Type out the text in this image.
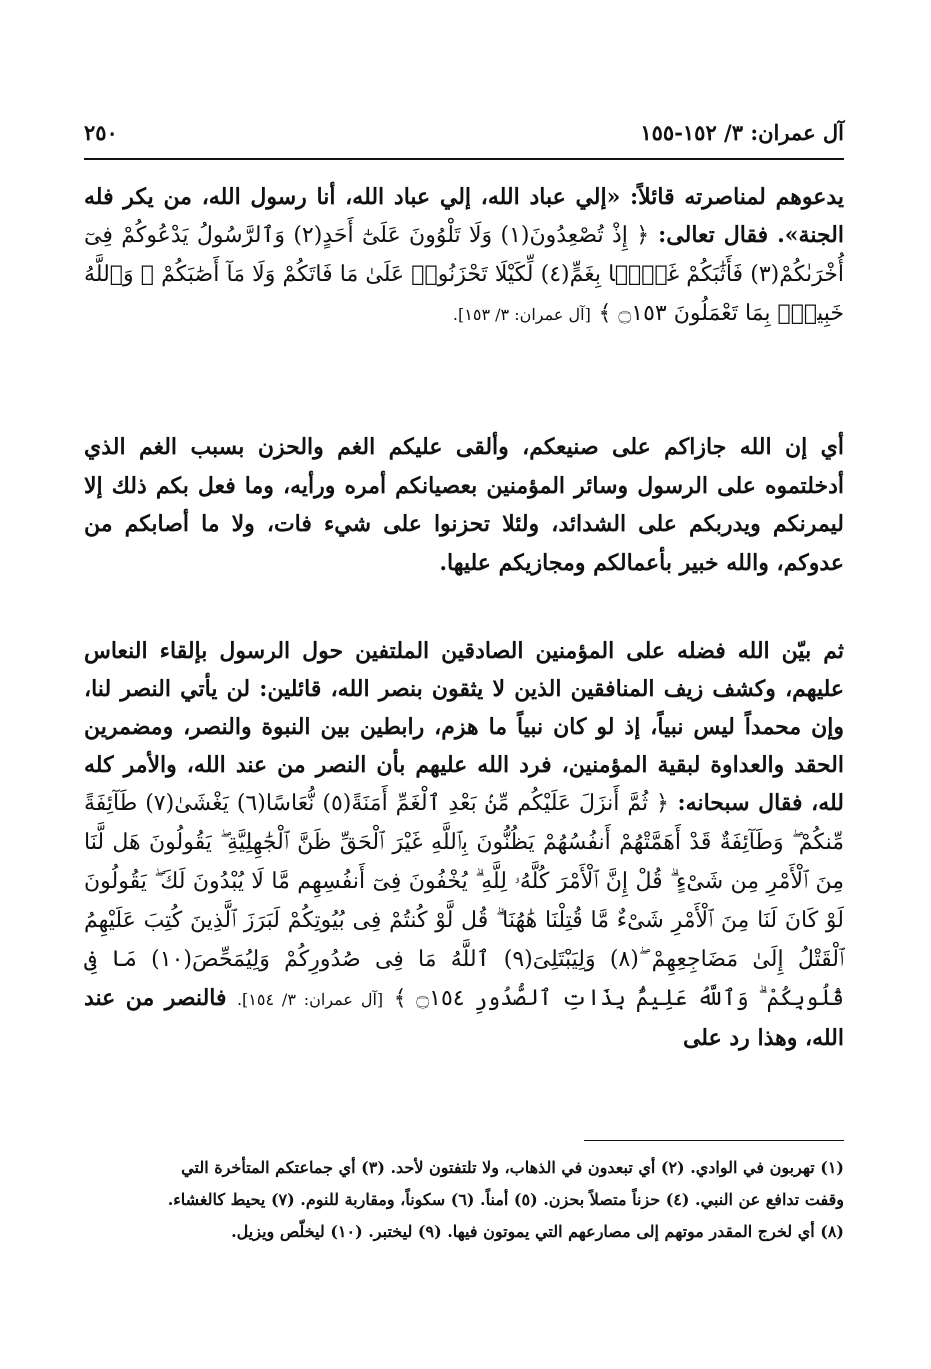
٢٥٠	آل عمران: ٣/ ١٥٢-١٥٥
يدعوهم لمناصرته قائلاً: «إلي عباد الله، إلي عباد الله، أنا رسول الله، من يكر فله الجنة». فقال تعالى: ﴿ إِذْ تُصْعِدُونَ(١) وَلَا تَلْوُونَ عَلَىٰٓ أَحَدٍ(٢) وَٱلرَّسُولُ يَدْعُوكُمْ فِىٓ أُخْرَىٰكُمْ(٣) فَأَثَٰبَكُمْ غَمًّۢا بِغَمٍّ(٤) لِّكَيْلَا تَحْزَنُوا۟ عَلَىٰ مَا فَاتَكُمْ وَلَا مَآ أَصَٰبَكُمْ ۗ وَٱللَّهُ خَبِيرٌۢ بِمَا تَعْمَلُونَ ۝١٥٣ ﴾ [آل عمران: ٣/ ١٥٣].
أي إن الله جازاكم على صنيعكم، وألقى عليكم الغم والحزن بسبب الغم الذي أدخلتموه على الرسول وسائر المؤمنين بعصيانكم أمره ورأيه، وما فعل بكم ذلك إلا ليمرنكم ويدربكم على الشدائد، ولئلا تحزنوا على شيء فات، ولا ما أصابكم من عدوكم، والله خبير بأعمالكم ومجازيكم عليها.
ثم بيّن الله فضله على المؤمنين الصادقين الملتفين حول الرسول بإلقاء النعاس عليهم، وكشف زيف المنافقين الذين لا يثقون بنصر الله، قائلين: لن يأتي النصر لنا، وإن محمداً ليس نبياً، إذ لو كان نبياً ما هزم، رابطين بين النبوة والنصر، ومضمرين الحقد والعداوة لبقية المؤمنين، فرد الله عليهم بأن النصر من عند الله، والأمر كله لله، فقال سبحانه: ﴿ ثُمَّ أَنزَلَ عَلَيْكُم مِّنۢ بَعْدِ ٱلْغَمِّ أَمَنَةً(٥) نُّعَاسًا(٦) يَغْشَىٰ(٧) طَآئِفَةً مِّنكُمْ ۖ وَطَآئِفَةٌ قَدْ أَهَمَّتْهُمْ أَنفُسُهُمْ يَظُنُّونَ بِٱللَّهِ غَيْرَ ٱلْحَقِّ ظَنَّ ٱلْجَٰهِلِيَّةِ ۖ يَقُولُونَ هَل لَّنَا مِنَ ٱلْأَمْرِ مِن شَىْءٍ ۗ قُلْ إِنَّ ٱلْأَمْرَ كُلَّهُۥ لِلَّهِ ۗ يُخْفُونَ فِىٓ أَنفُسِهِم مَّا لَا يُبْدُونَ لَكَ ۖ يَقُولُونَ لَوْ كَانَ لَنَا مِنَ ٱلْأَمْرِ شَىْءٌ مَّا قُتِلْنَا هَٰهُنَا ۗ قُل لَّوْ كُنتُمْ فِى بُيُوتِكُمْ لَبَرَزَ ٱلَّذِينَ كُتِبَ عَلَيْهِمُ ٱلْقَتْلُ إِلَىٰ مَضَاجِعِهِمْ ۖ(٨) وَلِيَبْتَلِىَ(٩) ٱللَّهُ مَا فِى صُدُورِكُمْ وَلِيُمَحِّصَ(١٠) مَا فِى قُلُوبِكُمْ ۗ وَٱللَّهُ عَلِيمٌۢ بِذَاتِ ٱلصُّدُورِ ۝١٥٤ ﴾ [آل عمران: ٣/ ١٥٤]. فالنصر من عند الله، وهذا رد على
(١) تهربون في الوادي. (٢) أي تبعدون في الذهاب، ولا تلتفتون لأحد. (٣) أي جماعتكم المتأخرة التي
وقفت تدافع عن النبي. (٤) حزناً متصلاً بحزن. (٥) أمناً. (٦) سكوناً، ومقاربة للنوم. (٧) يحيط كالغشاء.
(٨) أي لخرج المقدر موتهم إلى مصارعهم التي يموتون فيها. (٩) ليختبر. (١٠) ليخلّص ويزيل.
